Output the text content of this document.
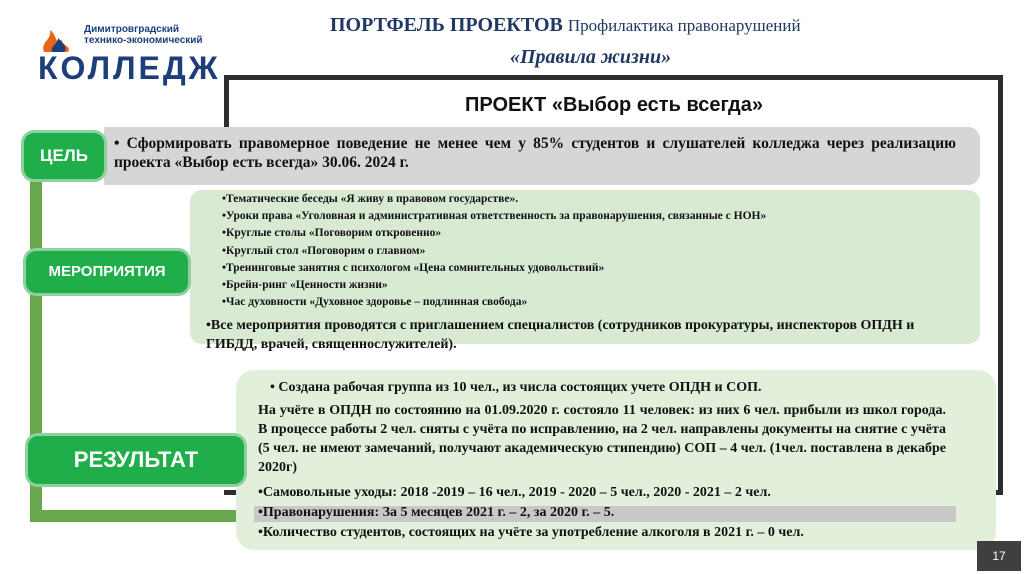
Димитровградский
технико-экономический
КОЛЛЕДЖ
ПОРТФЕЛЬ ПРОЕКТОВ Профилактика правонарушений
«Правила жизни»
ПРОЕКТ «Выбор есть всегда»
• Сформировать правомерное поведение не менее чем у 85% студентов и слушателей колледжа через реализацию проекта «Выбор есть всегда» 30.06. 2024 г.
ЦЕЛЬ
•Тематические беседы «Я живу в правовом государстве».
•Уроки права «Уголовная и административная ответственность за правонарушения, связанные с НОН»
•Круглые столы «Поговорим откровенно»
•Круглый стол «Поговорим о главном»
•Тренинговые занятия с психологом «Цена сомнительных удовольствий»
•Брейн-ринг «Ценности жизни»
•Час духовности «Духовное здоровье – подлинная свобода»
•Все мероприятия проводятся с приглашением специалистов (сотрудников прокуратуры, инспекторов ОПДН и ГИБДД, врачей, священнослужителей).
МЕРОПРИЯТИЯ
• Создана рабочая группа из 10 чел., из числа состоящих учете ОПДН и СОП.
На учёте в ОПДН по состоянию на 01.09.2020 г. состояло 11 человек: из них 6 чел. прибыли из школ города. В процессе работы 2 чел. сняты с учёта по исправлению, на 2 чел. направлены документы на снятие с учёта (5 чел. не имеют замечаний, получают академическую стипендию) СОП – 4 чел. (1чел. поставлена в декабре 2020г)
•Самовольные уходы: 2018 -2019 – 16 чел., 2019 - 2020 – 5 чел., 2020 - 2021 – 2 чел.
•Правонарушения: За 5 месяцев 2021 г. – 2, за 2020 г. – 5.
•Количество студентов, состоящих на учёте за употребление алкоголя в 2021 г. – 0 чел.
РЕЗУЛЬТАТ
17
